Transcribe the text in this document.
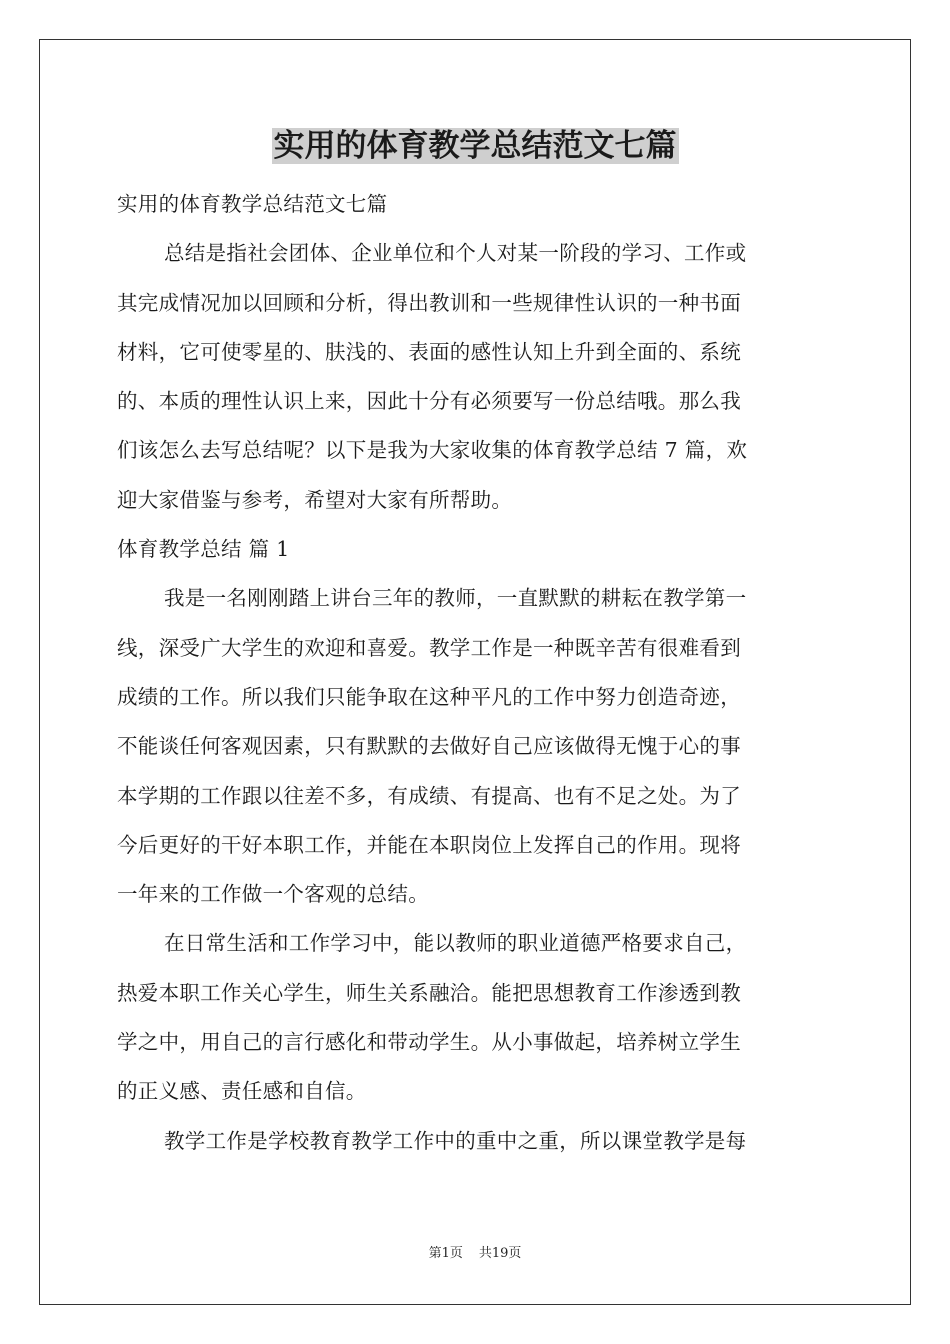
实用的体育教学总结范文七篇
实用的体育教学总结范文七篇
总结是指社会团体、企业单位和个人对某一阶段的学习、工作或
其完成情况加以回顾和分析，得出教训和一些规律性认识的一种书面
材料，它可使零星的、肤浅的、表面的感性认知上升到全面的、系统
的、本质的理性认识上来，因此十分有必须要写一份总结哦。那么我
们该怎么去写总结呢？以下是我为大家收集的体育教学总结 7 篇，欢
迎大家借鉴与参考，希望对大家有所帮助。
体育教学总结 篇 1
我是一名刚刚踏上讲台三年的教师，一直默默的耕耘在教学第一
线，深受广大学生的欢迎和喜爱。教学工作是一种既辛苦有很难看到
成绩的工作。所以我们只能争取在这种平凡的工作中努力创造奇迹，
不能谈任何客观因素，只有默默的去做好自己应该做得无愧于心的事
本学期的工作跟以往差不多，有成绩、有提高、也有不足之处。为了
今后更好的干好本职工作，并能在本职岗位上发挥自己的作用。现将
一年来的工作做一个客观的总结。
在日常生活和工作学习中，能以教师的职业道德严格要求自己，
热爱本职工作关心学生，师生关系融洽。能把思想教育工作渗透到教
学之中，用自己的言行感化和带动学生。从小事做起，培养树立学生
的正义感、责任感和自信。
教学工作是学校教育教学工作中的重中之重，所以课堂教学是每
第1页 共19页
